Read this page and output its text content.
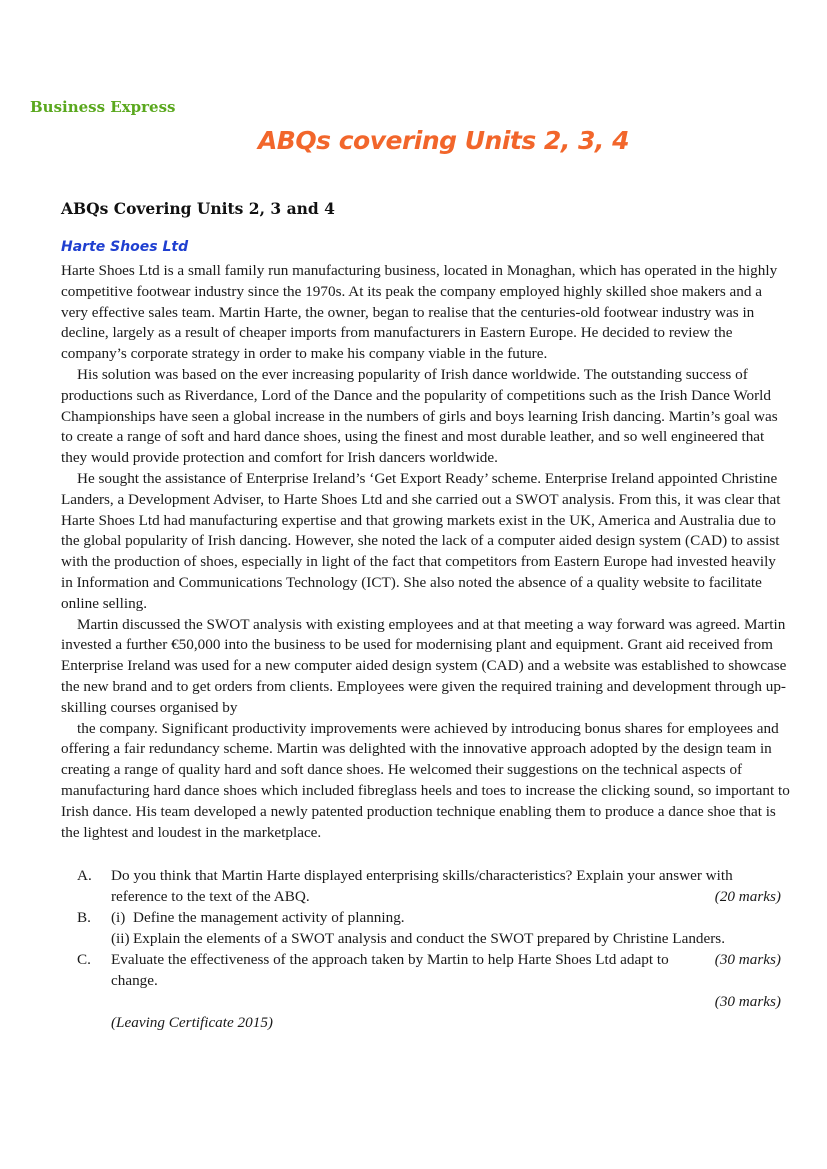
Business Express
ABQs covering Units 2, 3, 4
ABQs Covering Units 2, 3 and 4
Harte Shoes Ltd

Harte Shoes Ltd is a small family run manufacturing business, located in Monaghan, which has operated in the highly competitive footwear industry since the 1970s. At its peak the company employed highly skilled shoe makers and a very effective sales team. Martin Harte, the owner, began to realise that the centuries-old footwear industry was in decline, largely as a result of cheaper imports from manufacturers in Eastern Europe. He decided to review the company’s corporate strategy in order to make his company viable in the future.

His solution was based on the ever increasing popularity of Irish dance worldwide. The outstanding success of productions such as Riverdance, Lord of the Dance and the popularity of competitions such as the Irish Dance World Championships have seen a global increase in the numbers of girls and boys learning Irish dancing. Martin’s goal was to create a range of soft and hard dance shoes, using the finest and most durable leather, and so well engineered that they would provide protection and comfort for Irish dancers worldwide.

He sought the assistance of Enterprise Ireland’s ‘Get Export Ready’ scheme. Enterprise Ireland appointed Christine Landers, a Development Adviser, to Harte Shoes Ltd and she carried out a SWOT analysis. From this, it was clear that Harte Shoes Ltd had manufacturing expertise and that growing markets exist in the UK, America and Australia due to the global popularity of Irish dancing. However, she noted the lack of a computer aided design system (CAD) to assist with the production of shoes, especially in light of the fact that competitors from Eastern Europe had invested heavily in Information and Communications Technology (ICT). She also noted the absence of a quality website to facilitate online selling.

Martin discussed the SWOT analysis with existing employees and at that meeting a way forward was agreed. Martin invested a further €50,000 into the business to be used for modernising plant and equipment. Grant aid received from Enterprise Ireland was used for a new computer aided design system (CAD) and a website was established to showcase the new brand and to get orders from clients. Employees were given the required training and development through up-skilling courses organised by

the company. Significant productivity improvements were achieved by introducing bonus shares for employees and offering a fair redundancy scheme. Martin was delighted with the innovative approach adopted by the design team in creating a range of quality hard and soft dance shoes. He welcomed their suggestions on the technical aspects of manufacturing hard dance shoes which included fibreglass heels and toes to increase the clicking sound, so important to Irish dance. His team developed a newly patented production technique enabling them to produce a dance shoe that is the lightest and loudest in the marketplace.

A. Do you think that Martin Harte displayed enterprising skills/characteristics? Explain your answer with reference to the text of the ABQ.	(20 marks)
B. (i) Define the management activity of planning.
(ii) Explain the elements of a SWOT analysis and conduct the SWOT prepared by Christine Landers.
(30 marks)
C. Evaluate the effectiveness of the approach taken by Martin to help Harte Shoes Ltd adapt to change.
(30 marks)
(Leaving Certificate 2015)
